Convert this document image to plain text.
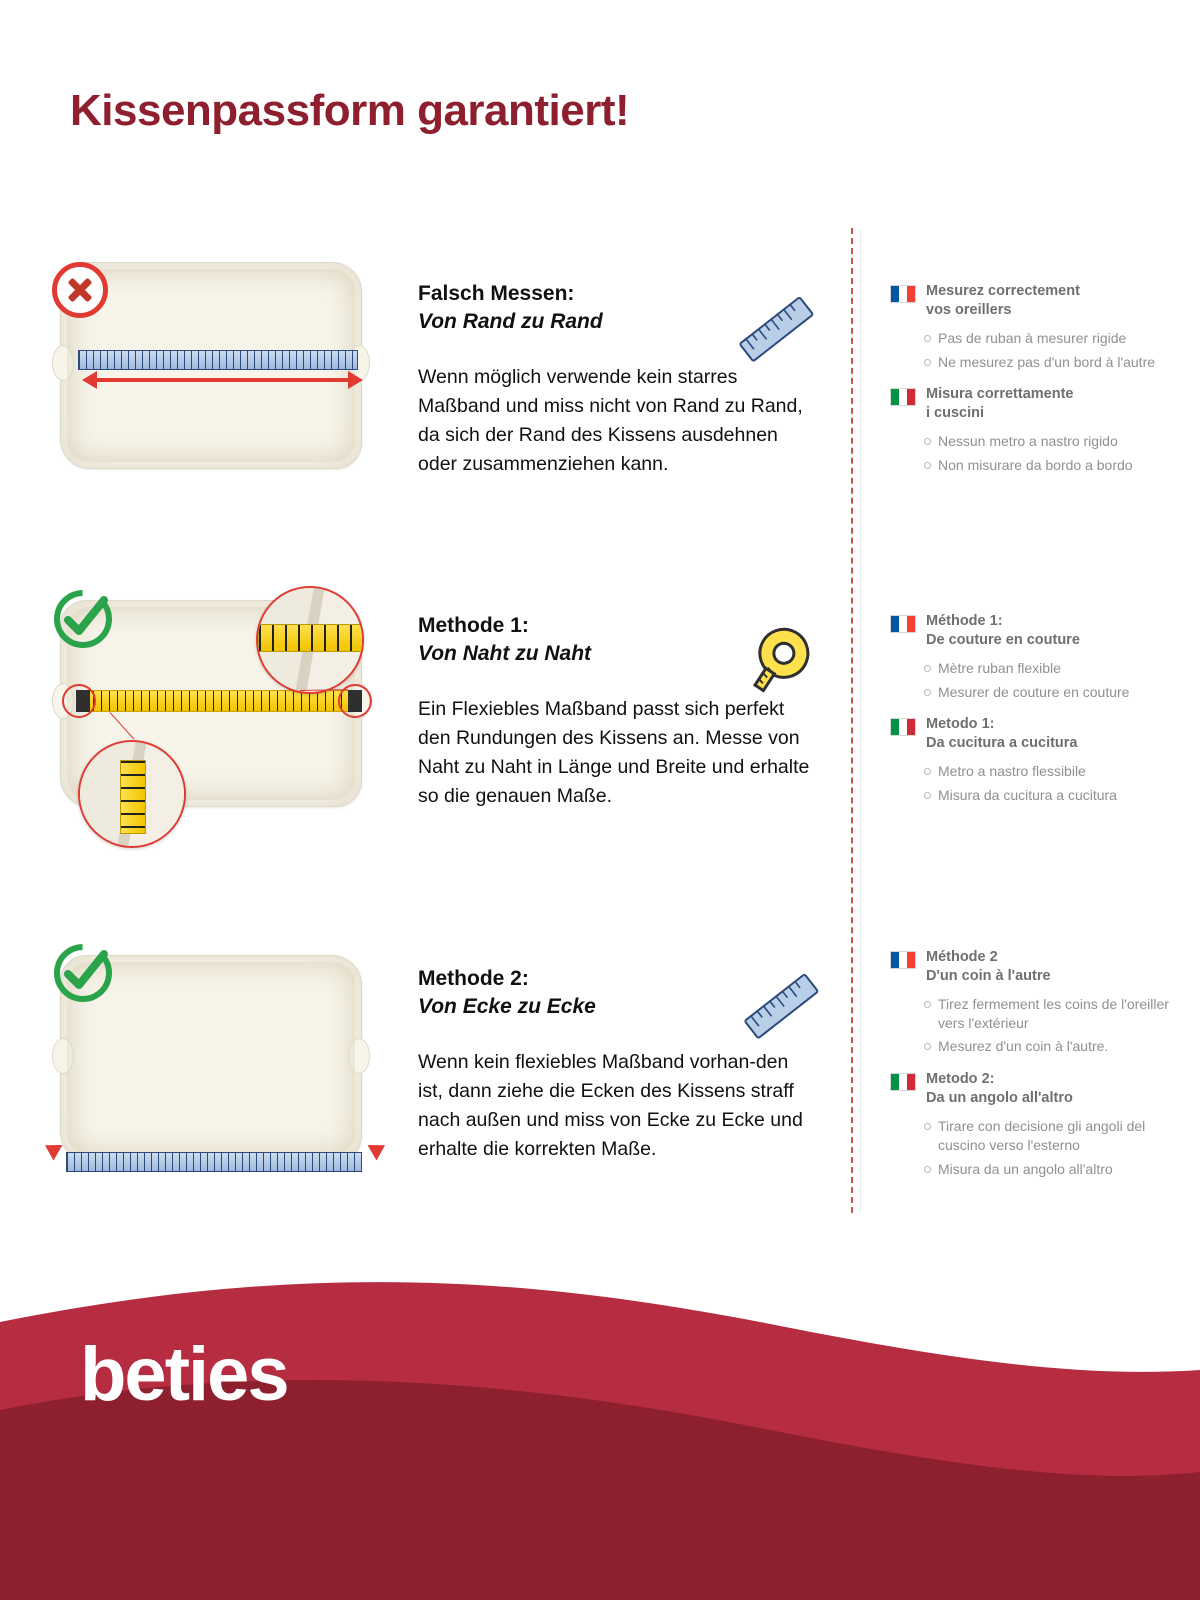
Kissenpassform garantiert!
Falsch Messen:
Von Rand zu Rand
Wenn möglich verwende kein starres Maßband und miss nicht von Rand zu Rand, da sich der Rand des Kissens ausdehnen oder zusammenziehen kann.
Methode 1:
Von Naht zu Naht
Ein Flexiebles Maßband passt sich perfekt den Rundungen des Kissens an. Messe von Naht zu Naht in Länge und Breite und erhalte so die genauen Maße.
Methode 2:
Von Ecke zu Ecke
Wenn kein flexiebles Maßband vorhan-den ist, dann ziehe die Ecken des Kissens straff nach außen und miss von Ecke zu Ecke und erhalte die korrekten Maße.
Mesurez correctement
vos oreillers
Pas de ruban à mesurer rigide
Ne mesurez pas d'un bord à l'autre
Misura correttamente
i cuscini
Nessun metro a nastro rigido
Non misurare da bordo a bordo
Méthode 1:
De couture en couture
Mètre ruban flexible
Mesurer de couture en couture
Metodo 1:
Da cucitura a cucitura
Metro a nastro flessibile
Misura da cucitura a cucitura
Méthode 2
D'un coin à l'autre
Tirez fermement les coins de l'oreiller vers l'extérieur
Mesurez d'un coin à l'autre.
Metodo 2:
Da un angolo all'altro
Tirare con decisione gli angoli del cuscino verso l'esterno
Misura da un angolo all'altro
beties
